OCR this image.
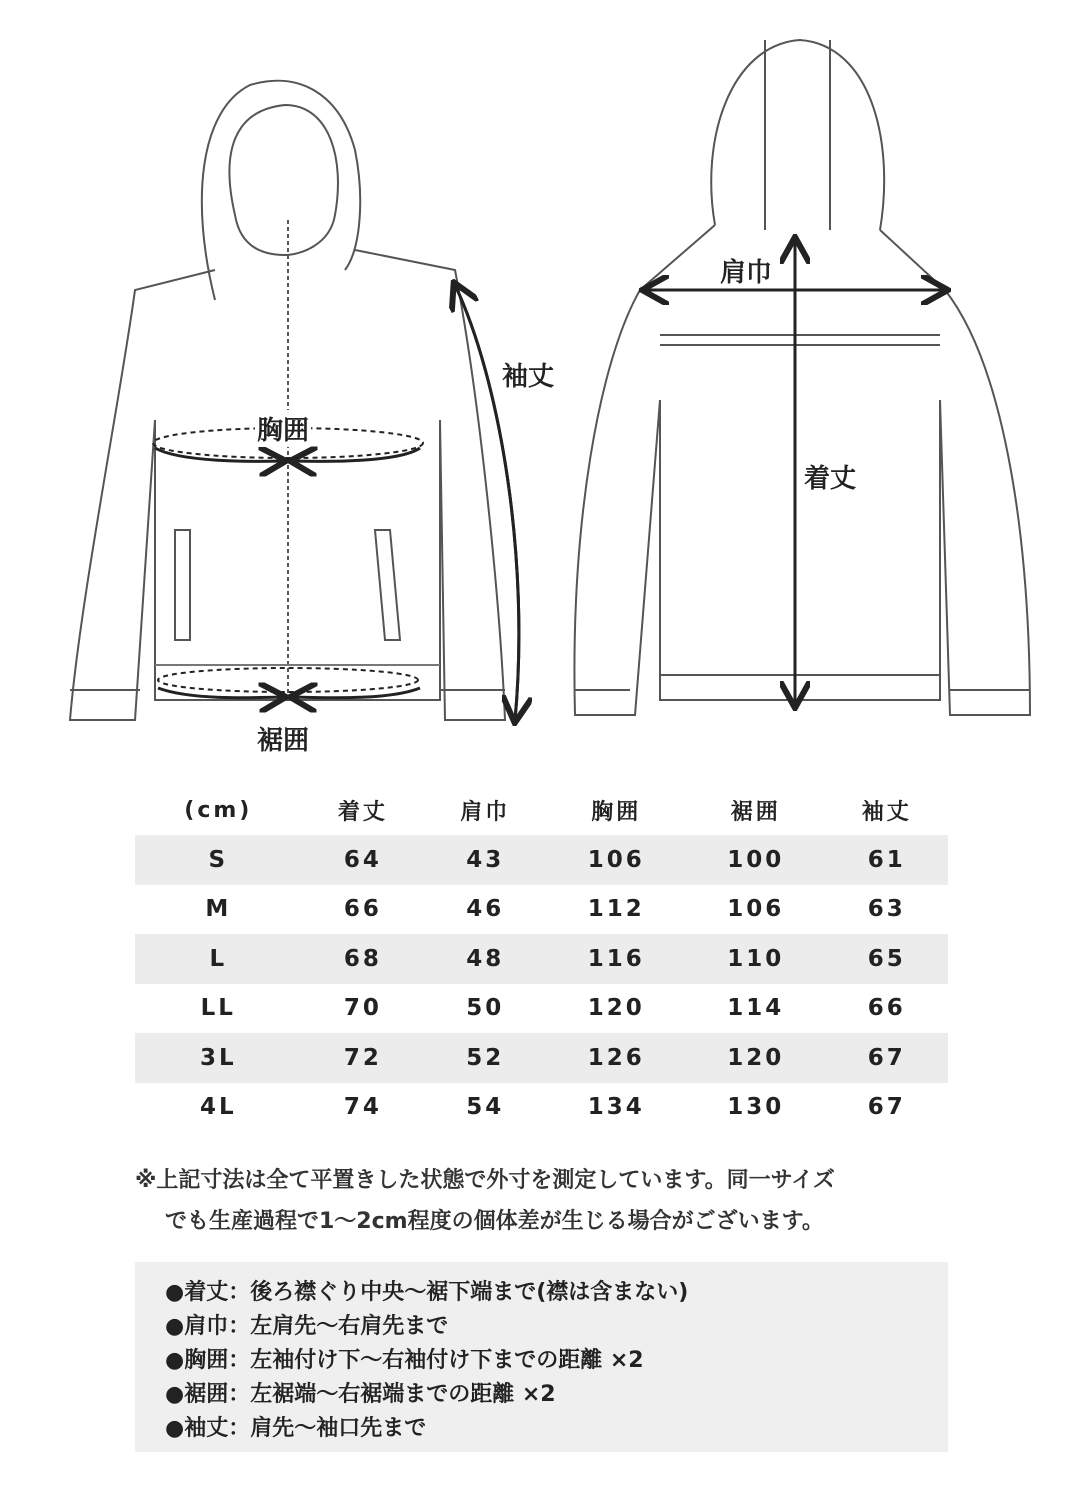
胸囲
袖丈
裾囲
肩巾
着丈
(cm)	着丈	肩巾	胸囲	裾囲	袖丈
S	64	43	106	100	61
M	66	46	112	106	63
L	68	48	116	110	65
LL	70	50	120	114	66
3L	72	52	126	120	67
4L	74	54	134	130	67
※上記寸法は全て平置きした状態で外寸を測定しています。同一サイズ
でも生産過程で1～2cm程度の個体差が生じる場合がございます。
●着丈：後ろ襟ぐり中央～裾下端まで(襟は含まない)
●肩巾：左肩先～右肩先まで
●胸囲：左袖付け下～右袖付け下までの距離 ×2
●裾囲：左裾端～右裾端までの距離 ×2
●袖丈：肩先～袖口先まで
